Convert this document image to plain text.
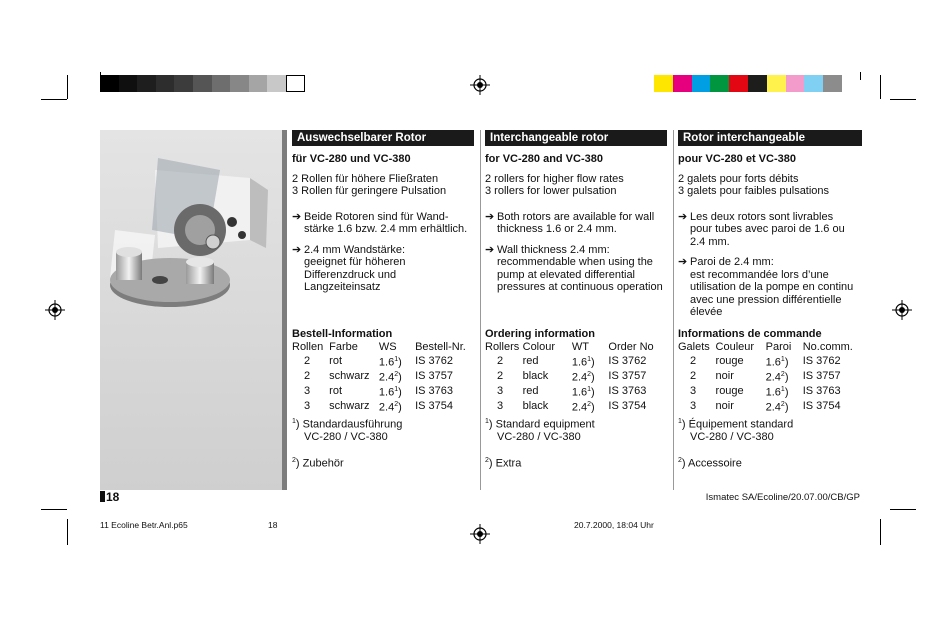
Auswechselbarer Rotor
für VC-280 und VC-380
2 Rollen für höhere Fließraten
3 Rollen für geringere Pulsation
➔ Beide Rotoren sind für Wand-
stärke 1.6 bzw. 2.4 mm erhältlich.
➔ 2.4 mm Wandstärke:
geeignet für höheren
Differenzdruck und
Langzeiteinsatz
Bestell-Information
Rollen	Farbe	WS	Bestell-Nr.
2	rot	$1.6^1$)	IS 3762
2	schwarz	$2.4^2$)	IS 3757
3	rot	$1.6^1$)	IS 3763
3	schwarz	$2.4^2$)	IS 3754
$^1$) Standardausführung
VC-280 / VC-380
$^2$) Zubehör
Interchangeable rotor
for VC-280 and VC-380
2 rollers for higher flow rates
3 rollers for lower pulsation
➔ Both rotors are available for wall
thickness 1.6 or 2.4 mm.
➔ Wall thickness 2.4 mm:
recommendable when using the
pump at elevated differential
pressures at continuous operation
Ordering information
Rollers	Colour	WT	Order No
2	red	$1.6^1$)	IS 3762
2	black	$2.4^2$)	IS 3757
3	red	$1.6^1$)	IS 3763
3	black	$2.4^2$)	IS 3754
$^1$) Standard equipment
VC-280 / VC-380
$^2$) Extra
Rotor interchangeable
pour VC-280 et VC-380
2 galets pour forts débits
3 galets pour faibles pulsations
➔ Les deux rotors sont livrables
pour tubes avec paroi de 1.6 ou
2.4 mm.
➔ Paroi de 2.4 mm:
est recommandée lors d’une
utilisation de la pompe en continu
avec une pression différentielle
élevée
Informations de commande
Galets	Couleur	Paroi	No.comm.
2	rouge	$1.6^1$)	IS 3762
2	noir	$2.4^2$)	IS 3757
3	rouge	$1.6^1$)	IS 3763
3	noir	$2.4^2$)	IS 3754
$^1$) Équipement standard
VC-280 / VC-380
$^2$) Accessoire
18	Ismatec SA/Ecoline/20.07.00/CB/GP
11 Ecoline Betr.Anl.p65	18	20.7.2000, 18:04 Uhr
